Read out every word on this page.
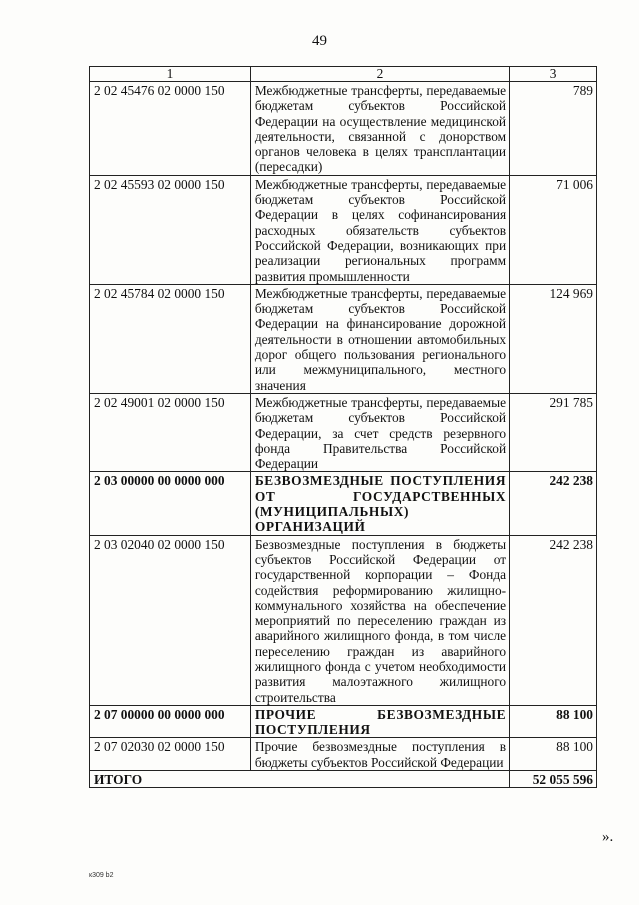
49
1	2	3
2 02 45476 02 0000 150	Межбюджетные трансферты, передаваемые бюджетам субъектов Российской Федерации на осуществление медицинской деятельности, связанной с донорством органов человека в целях трансплантации (пересадки)	789
2 02 45593 02 0000 150	Межбюджетные трансферты, передаваемые бюджетам субъектов Российской Федерации в целях софинансирования расходных обязательств субъектов Российской Федерации, возникающих при реализации региональных программ развития промышленности	71 006
2 02 45784 02 0000 150	Межбюджетные трансферты, передаваемые бюджетам субъектов Российской Федерации на финансирование дорожной деятельности в отношении автомобильных дорог общего пользования регионального или межмуниципального, местного значения	124 969
2 02 49001 02 0000 150	Межбюджетные трансферты, передаваемые бюджетам субъектов Российской Федерации, за счет средств резервного фонда Правительства Российской Федерации	291 785
2 03 00000 00 0000 000	БЕЗВОЗМЕЗДНЫЕ ПОСТУПЛЕНИЯ ОТ ГОСУДАРСТВЕННЫХ (МУНИЦИПАЛЬНЫХ) ОРГАНИЗАЦИЙ	242 238
2 03 02040 02 0000 150	Безвозмездные поступления в бюджеты субъектов Российской Федерации от государственной корпорации – Фонда содействия реформированию жилищно-коммунального хозяйства на обеспечение мероприятий по переселению граждан из аварийного жилищного фонда, в том числе переселению граждан из аварийного жилищного фонда с учетом необходимости развития малоэтажного жилищного строительства	242 238
2 07 00000 00 0000 000	ПРОЧИЕ БЕЗВОЗМЕЗДНЫЕ ПОСТУПЛЕНИЯ	88 100
2 07 02030 02 0000 150	Прочие безвозмездные поступления в бюджеты субъектов Российской Федерации	88 100
ИТОГО		52 055 596
».
к309 b2
